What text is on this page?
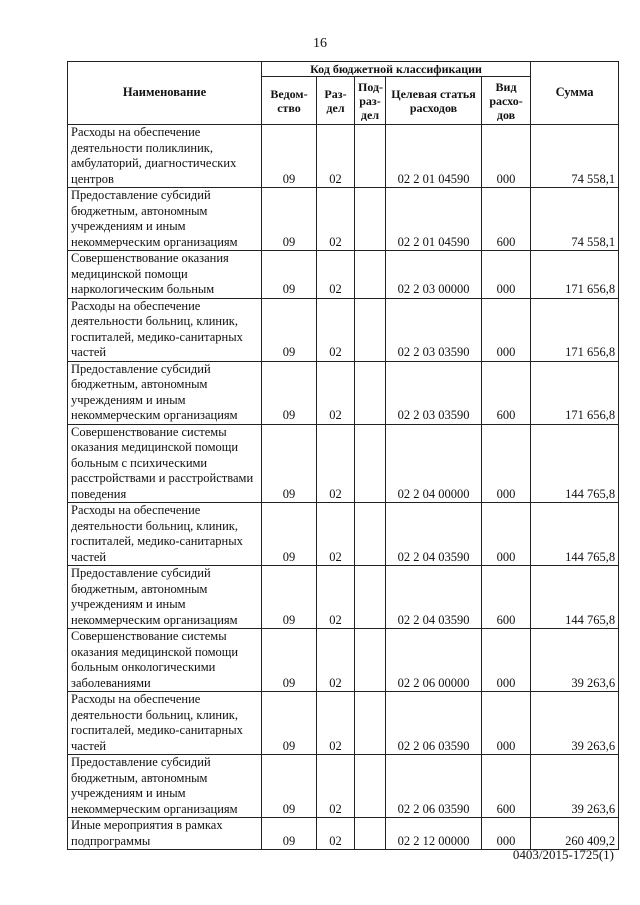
16
Наименование	Код бюджетной классификации					Сумма
	Ведом-ство	Раз-дел	Под-раз-дел	Целевая статья расходов	Вид расхо-дов	
Расходы на обеспечение деятельности поликлиник, амбулаторий, диагностических центров	09	02		02 2 01 04590	000	74 558,1
Предоставление субсидий бюджетным, автономным учреждениям и иным некоммерческим организациям	09	02		02 2 01 04590	600	74 558,1
Совершенствование оказания медицинской помощи наркологическим больным	09	02		02 2 03 00000	000	171 656,8
Расходы на обеспечение деятельности больниц, клиник, госпиталей, медико-санитарных частей	09	02		02 2 03 03590	000	171 656,8
Предоставление субсидий бюджетным, автономным учреждениям и иным некоммерческим организациям	09	02		02 2 03 03590	600	171 656,8
Совершенствование системы оказания медицинской помощи больным с психическими расстройствами и расстройствами поведения	09	02		02 2 04 00000	000	144 765,8
Расходы на обеспечение деятельности больниц, клиник, госпиталей, медико-санитарных частей	09	02		02 2 04 03590	000	144 765,8
Предоставление субсидий бюджетным, автономным учреждениям и иным некоммерческим организациям	09	02		02 2 04 03590	600	144 765,8
Совершенствование системы оказания медицинской помощи больным онкологическими заболеваниями	09	02		02 2 06 00000	000	39 263,6
Расходы на обеспечение деятельности больниц, клиник, госпиталей, медико-санитарных частей	09	02		02 2 06 03590	000	39 263,6
Предоставление субсидий бюджетным, автономным учреждениям и иным некоммерческим организациям	09	02		02 2 06 03590	600	39 263,6
Иные мероприятия в рамках подпрограммы	09	02		02 2 12 00000	000	260 409,2
0403/2015-1725(1)
